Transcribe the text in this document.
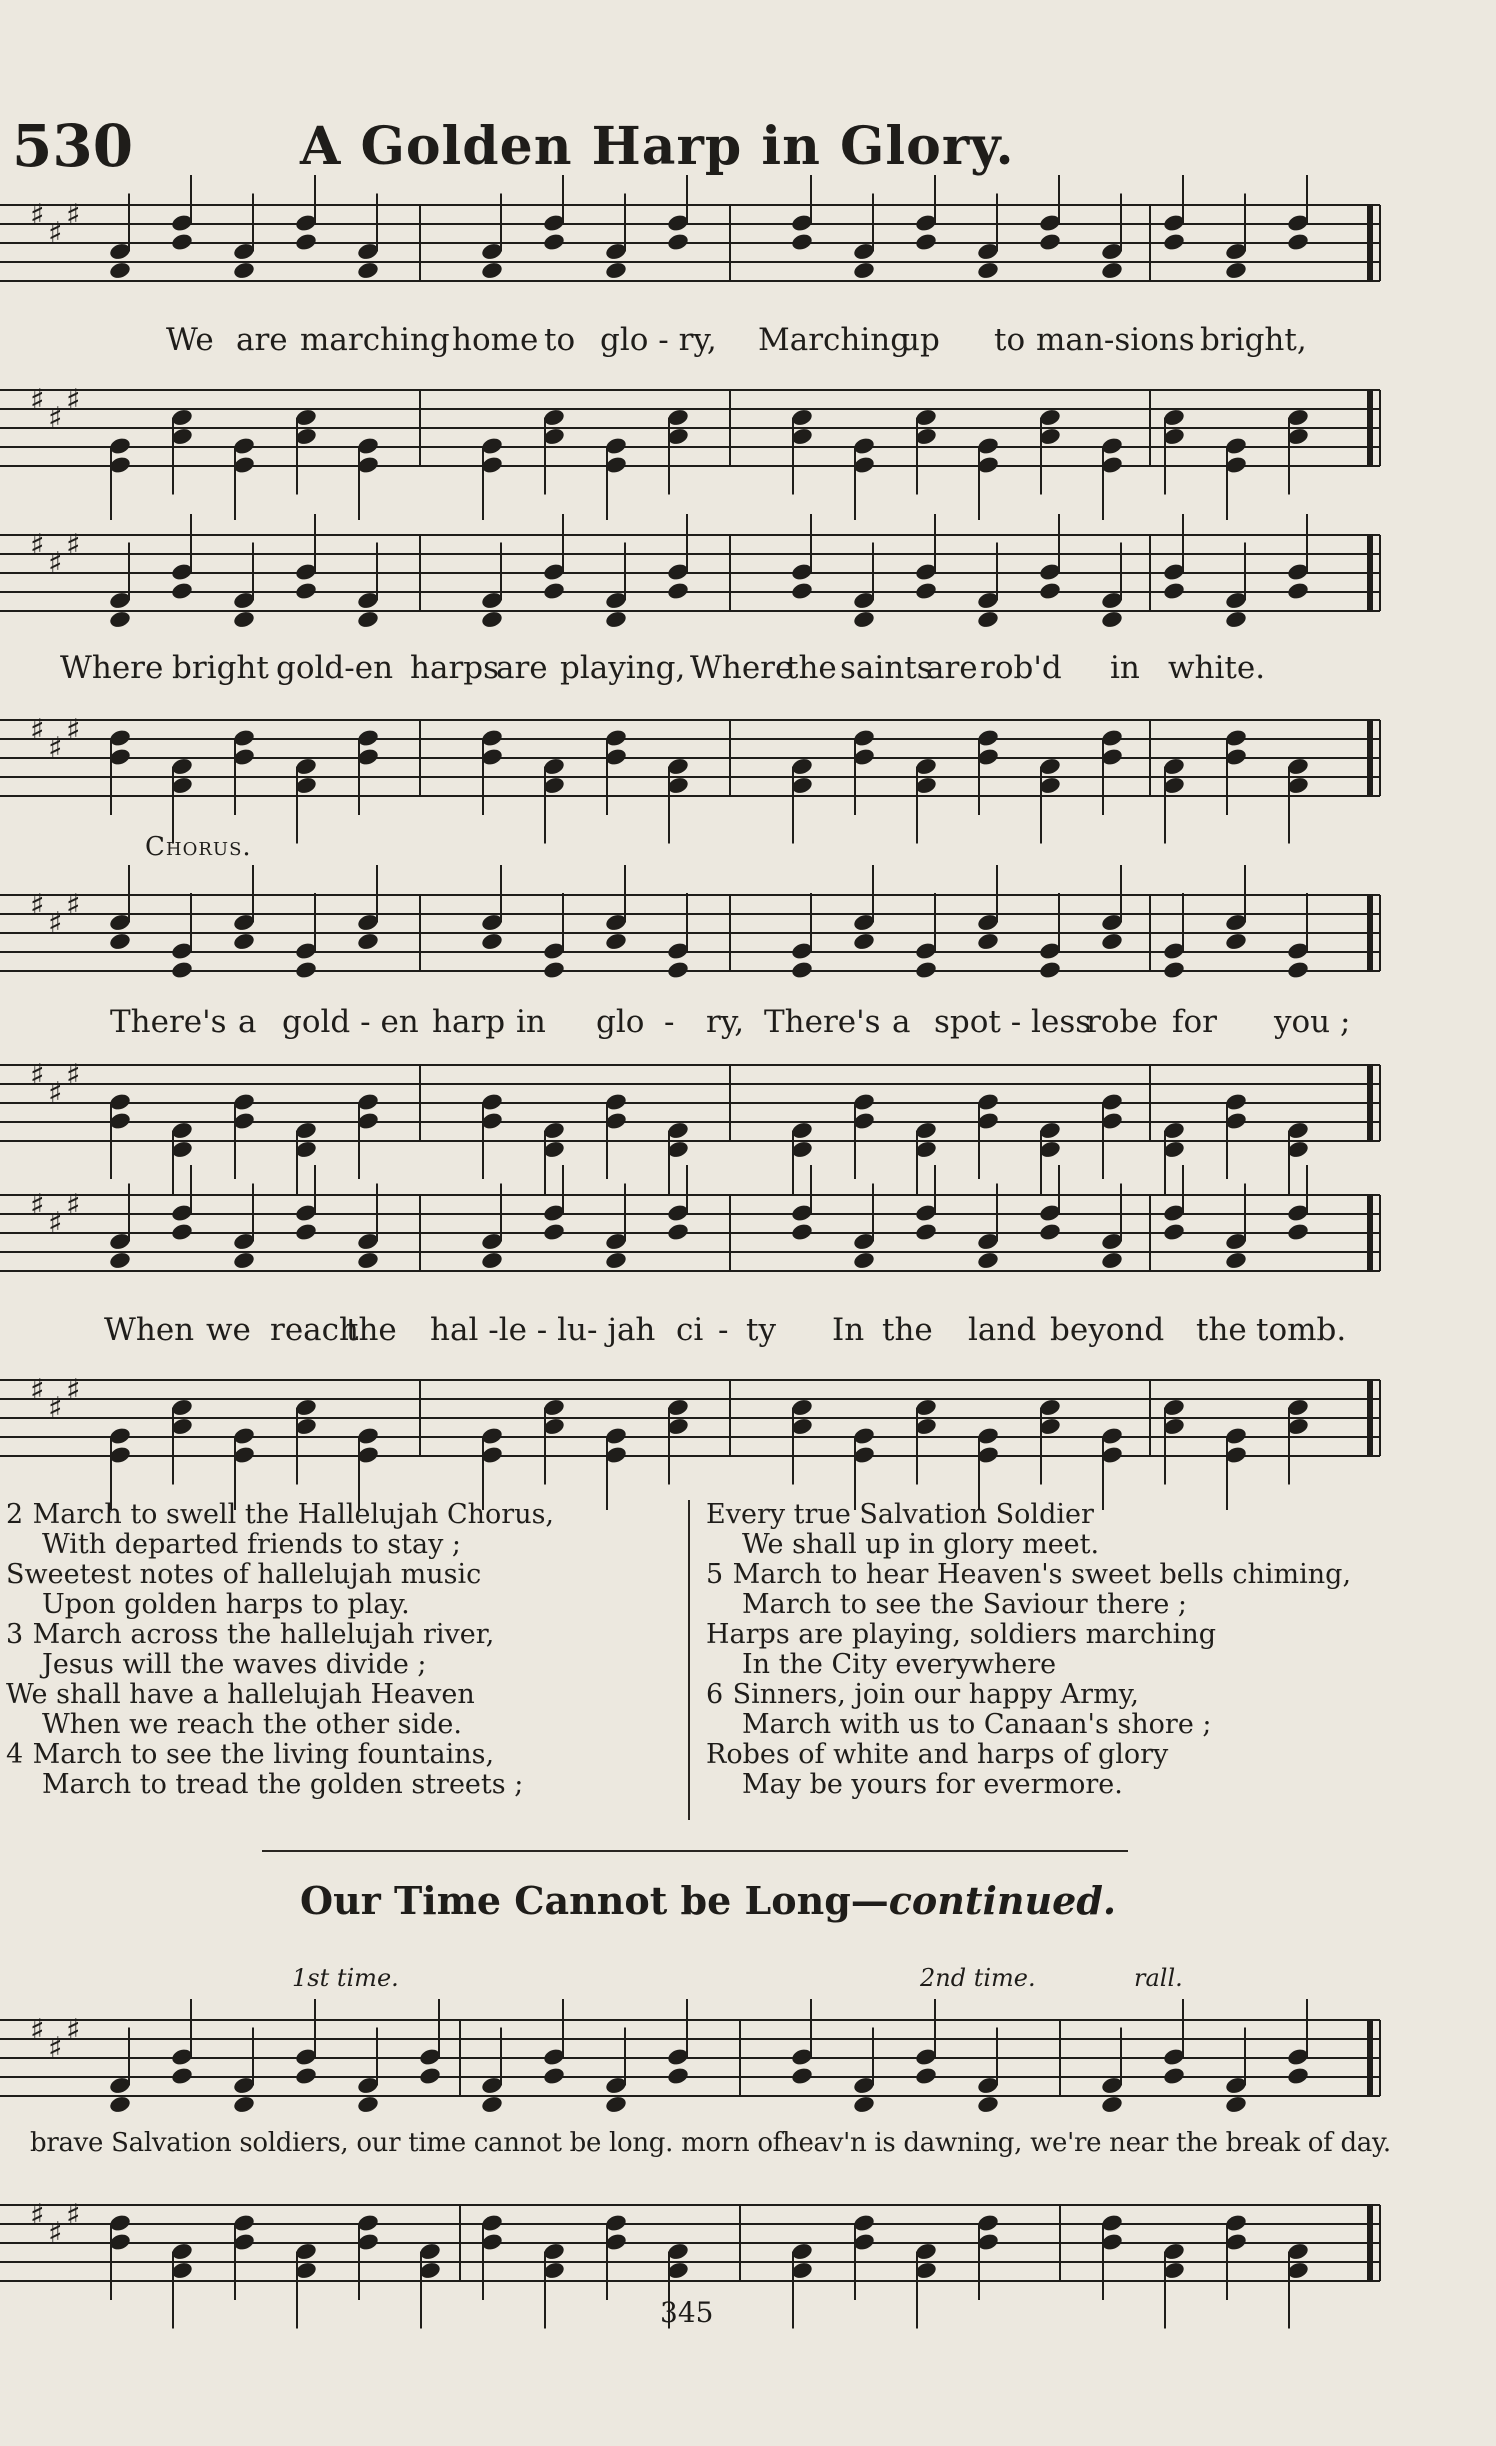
530	A Golden Harp in Glory.
♯
♯
♯
♯
♯
♯
♯
♯
♯
♯
♯
♯
♯
♯
♯
♯
♯
♯
♯
♯
♯
♯
♯
♯
♯
♯
♯
♯
♯
♯
We are marching home to glo - ry, Marching
up to man-sions bright,
Where bright gold-en harps
are playing, Where
the saints
are rob'd in white.
Chorus.
There's a gold - en harp in glo - ry, There's a spot - less
robe for you ;
When we reach
the hal -le - lu- jah ci - ty In the land beyond the tomb.
2 March to swell the Hallelujah Chorus,
With departed friends to stay ;
Sweetest notes of hallelujah music
Upon golden harps to play.
3 March across the hallelujah river,
Jesus will the waves divide ;
We shall have a hallelujah Heaven
When we reach the other side.
4 March to see the living fountains,
March to tread the golden streets ;
Every true Salvation Soldier
We shall up in glory meet.
5 March to hear Heaven's sweet bells chiming,
March to see the Saviour there ;
Harps are playing, soldiers marching
In the City everywhere
6 Sinners, join our happy Army,
March with us to Canaan's shore ;
Robes of white and harps of glory
May be yours for evermore.
Our Time Cannot be Long—continued.
1st time.	2nd time.	rall.
brave Salvation soldiers, our time cannot be long. morn ofheav'n is dawning, we're near the break of day.
345
